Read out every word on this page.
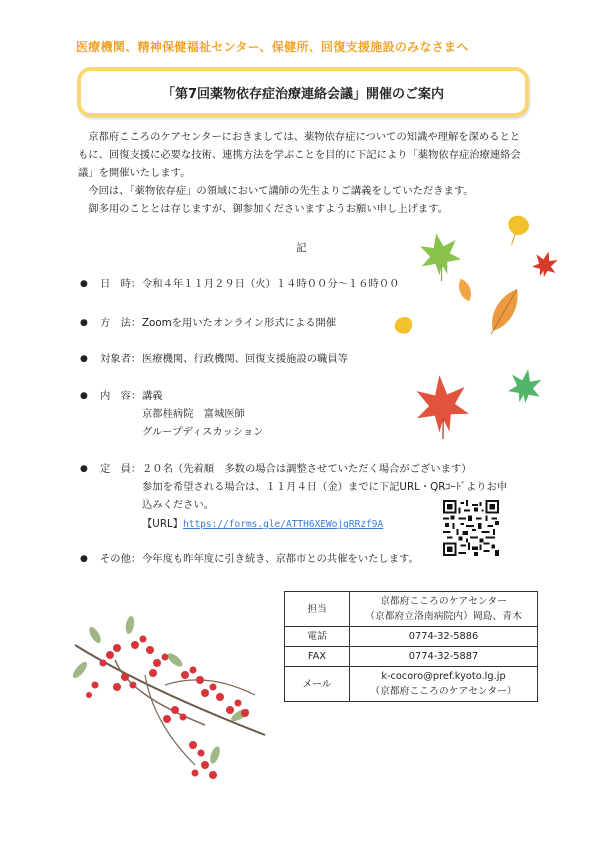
医療機関、精神保健福祉センター、保健所、回復支援施設のみなさまへ
「第7回薬物依存症治療連絡会議」開催のご案内

　京都府こころのケアセンターにおきましては、薬物依存症についての知識や理解を深めるとともに、回復支援に必要な技術、連携方法を学ぶことを目的に下記により「薬物依存症治療連絡会議」を開催いたします。

　今回は、「薬物依存症」の領域において講師の先生よりご講義をしていただきます。

　御多用のこととは存じますが、御参加くださいますようお願い申し上げます。

記
● 日　時： 令和４年１１月２９日（火）１４時００分～１６時００
● 方　法： Zoomを用いたオンライン形式による開催
● 対象者： 医療機関、行政機関、回復支援施設の職員等
● 内　容： 講義
京都桂病院　富城医師
グループディスカッション
● 定　員： ２０名（先着順　多数の場合は調整させていただく場合がございます）
参加を希望される場合は、１１月４日（金）までに下記URL・QRｺｰﾄﾞよりお申
込みください。
【URL】https://forms.gle/ATTH6XEWojgRRzf9A
● その他： 今年度も昨年度に引き続き、京都市との共催をいたします。
担当	京都府こころのケアセンター
（京都府立洛南病院内）岡島、青木

電話	0774-32-5886
FAX	0774-32-5887
メール	k-cocoro@pref.kyoto.lg.jp
（京都府こころのケアセンター）
